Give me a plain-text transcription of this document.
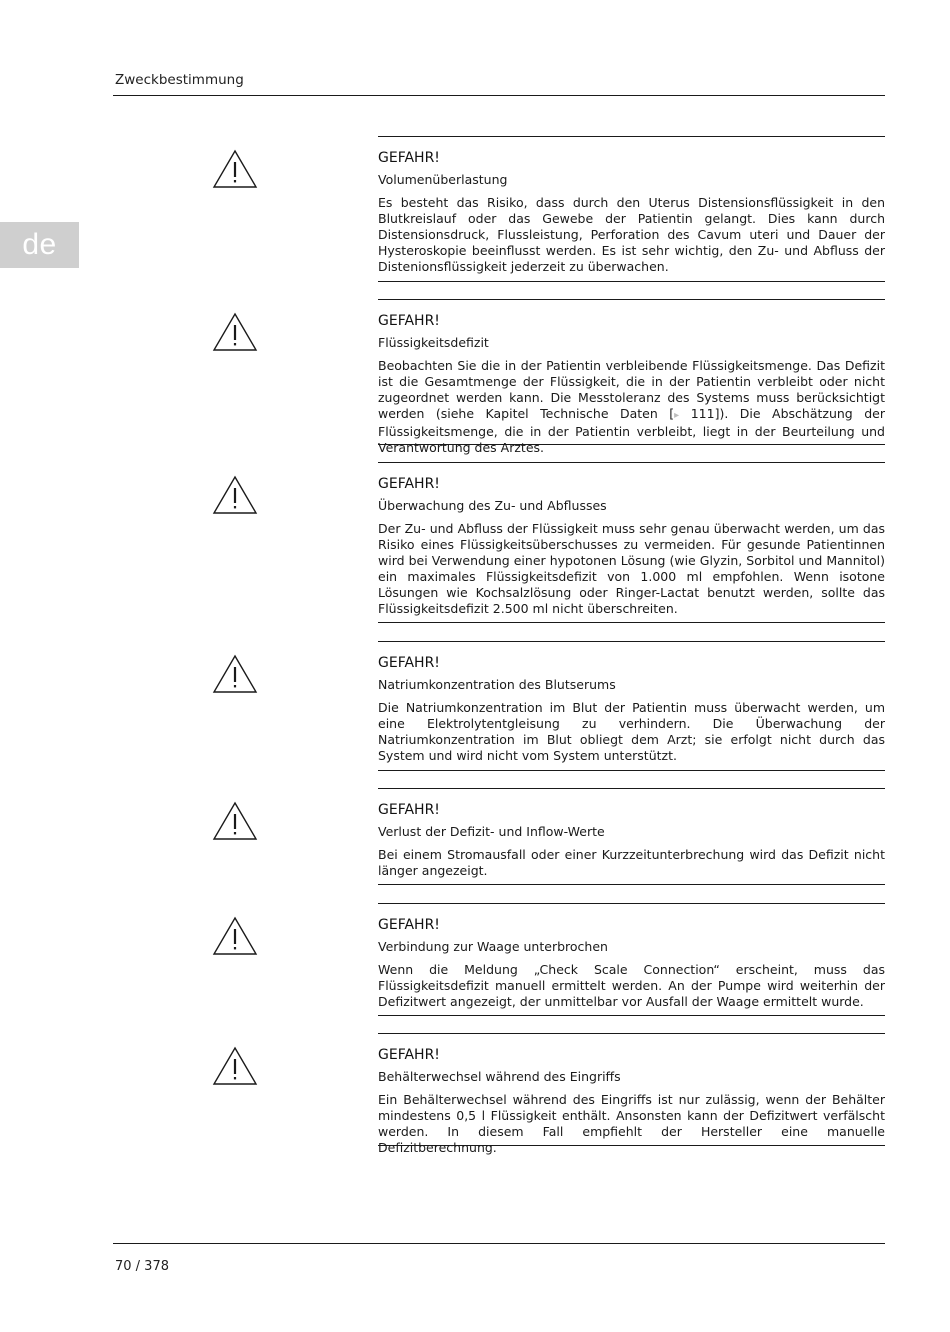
Zweckbestimmung
de
GEFAHR!
Volumenüberlastung

Es besteht das Risiko, dass durch den Uterus Distensionsflüssigkeit in den Blutkreislauf oder das Gewebe der Patientin gelangt. Dies kann durch Distensionsdruck, Flussleistung, Perforation des Cavum uteri und Dauer der Hysteroskopie beeinflusst werden. Es ist sehr wichtig, den Zu- und Abfluss der Distenionsflüssigkeit jederzeit zu überwachen.

GEFAHR!
Flüssigkeitsdefizit

Beobachten Sie die in der Patientin verbleibende Flüssigkeitsmenge. Das Defizit ist die Gesamtmenge der Flüssigkeit, die in der Patientin verbleibt oder nicht zugeordnet werden kann. Die Messtoleranz des Systems muss berücksichtigt werden (siehe Kapitel Technische Daten [▸ 111]). Die Abschätzung der Flüssigkeitsmenge, die in der Patientin verbleibt, liegt in der Beurteilung und Verantwortung des Arztes.

GEFAHR!
Überwachung des Zu- und Abflusses

Der Zu- und Abfluss der Flüssigkeit muss sehr genau überwacht werden, um das Risiko eines Flüssigkeitsüberschusses zu vermeiden. Für gesunde Patientinnen wird bei Verwendung einer hypotonen Lösung (wie Glyzin, Sorbitol und Mannitol) ein maximales Flüssigkeitsdefizit von 1.000 ml empfohlen. Wenn isotone Lösungen wie Kochsalzlösung oder Ringer-Lactat benutzt werden, sollte das Flüssigkeitsdefizit 2.500 ml nicht überschreiten.

GEFAHR!
Natriumkonzentration des Blutserums

Die Natriumkonzentration im Blut der Patientin muss überwacht werden, um eine Elektrolytentgleisung zu verhindern. Die Überwachung der Natriumkonzentration im Blut obliegt dem Arzt; sie erfolgt nicht durch das System und wird nicht vom System unterstützt.

GEFAHR!
Verlust der Defizit- und Inflow-Werte

Bei einem Stromausfall oder einer Kurzzeitunterbrechung wird das Defizit nicht länger angezeigt.

GEFAHR!
Verbindung zur Waage unterbrochen

Wenn die Meldung „Check Scale Connection“ erscheint, muss das Flüssigkeitsdefizit manuell ermittelt werden. An der Pumpe wird weiterhin der Defizitwert angezeigt, der unmittelbar vor Ausfall der Waage ermittelt wurde.

GEFAHR!
Behälterwechsel während des Eingriffs

Ein Behälterwechsel während des Eingriffs ist nur zulässig, wenn der Behälter mindestens 0,5 l Flüssigkeit enthält. Ansonsten kann der Defizitwert verfälscht werden. In diesem Fall empfiehlt der Hersteller eine manuelle Defizitberechnung.

70 / 378
